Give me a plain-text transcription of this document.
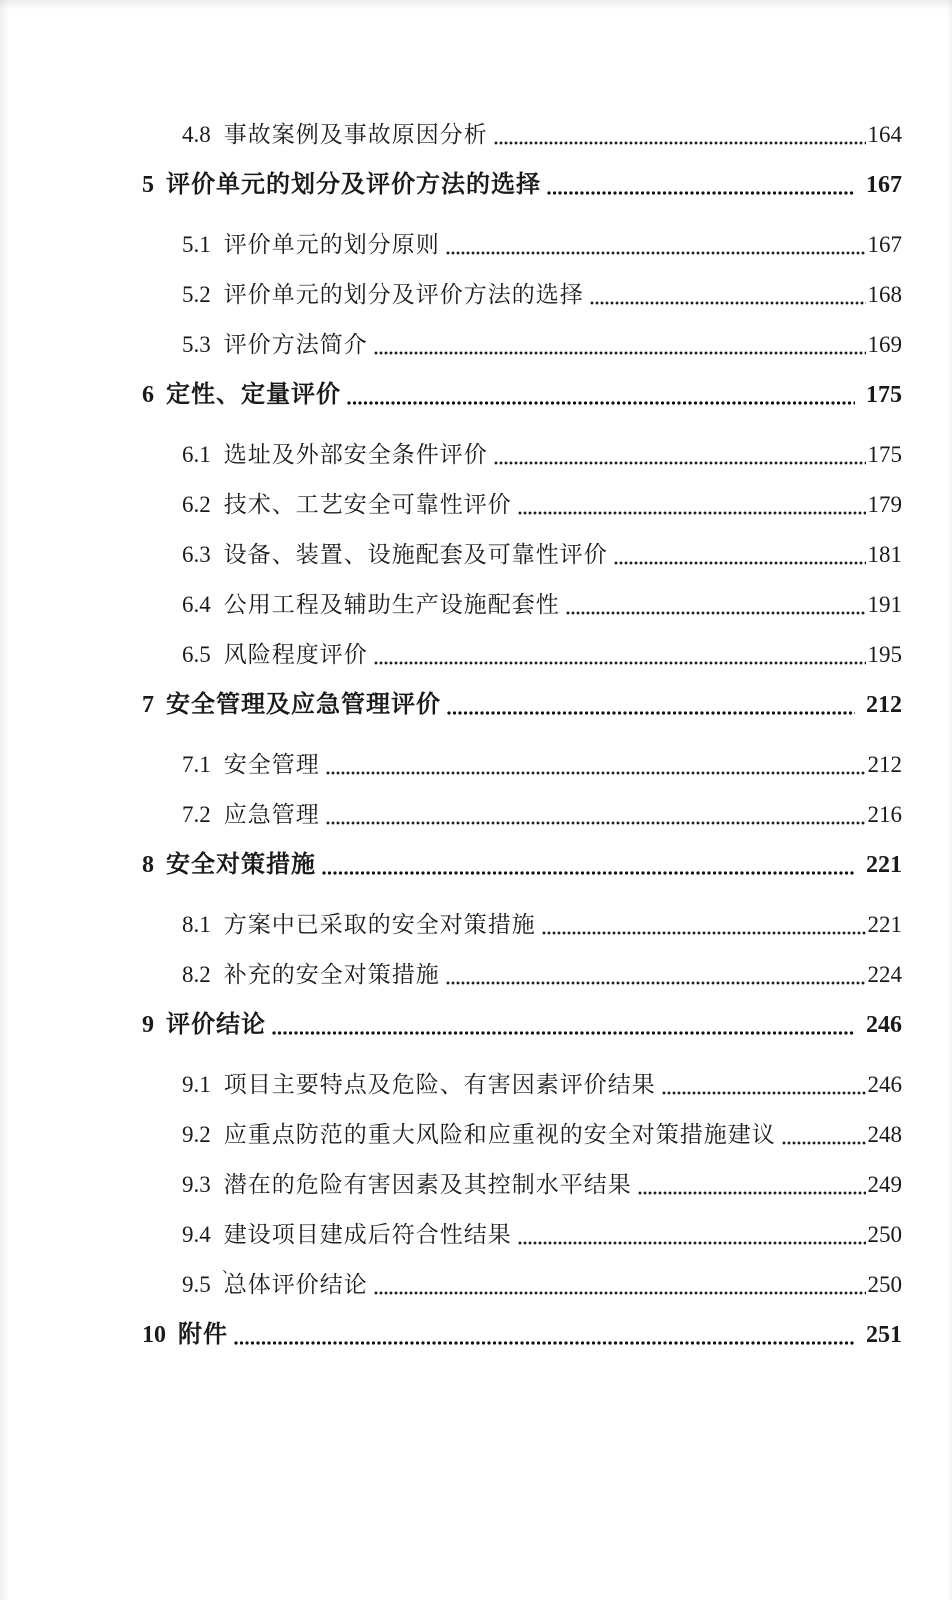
4.8 事故案例及事故原因分析	164
5 评价单元的划分及评价方法的选择	167
5.1 评价单元的划分原则	167
5.2 评价单元的划分及评价方法的选择	168
5.3 评价方法简介	169
6 定性、定量评价	175
6.1 选址及外部安全条件评价	175
6.2 技术、工艺安全可靠性评价	179
6.3 设备、装置、设施配套及可靠性评价	181
6.4 公用工程及辅助生产设施配套性	191
6.5 风险程度评价	195
7 安全管理及应急管理评价	212
7.1 安全管理	212
7.2 应急管理	216
8 安全对策措施	221
8.1 方案中已采取的安全对策措施	221
8.2 补充的安全对策措施	224
9 评价结论	246
9.1 项目主要特点及危险、有害因素评价结果	246
9.2 应重点防范的重大风险和应重视的安全对策措施建议	248
9.3 潜在的危险有害因素及其控制水平结果	249
9.4 建设项目建成后符合性结果	250
、
9.5 总体评价结论	250
10 附件	251
